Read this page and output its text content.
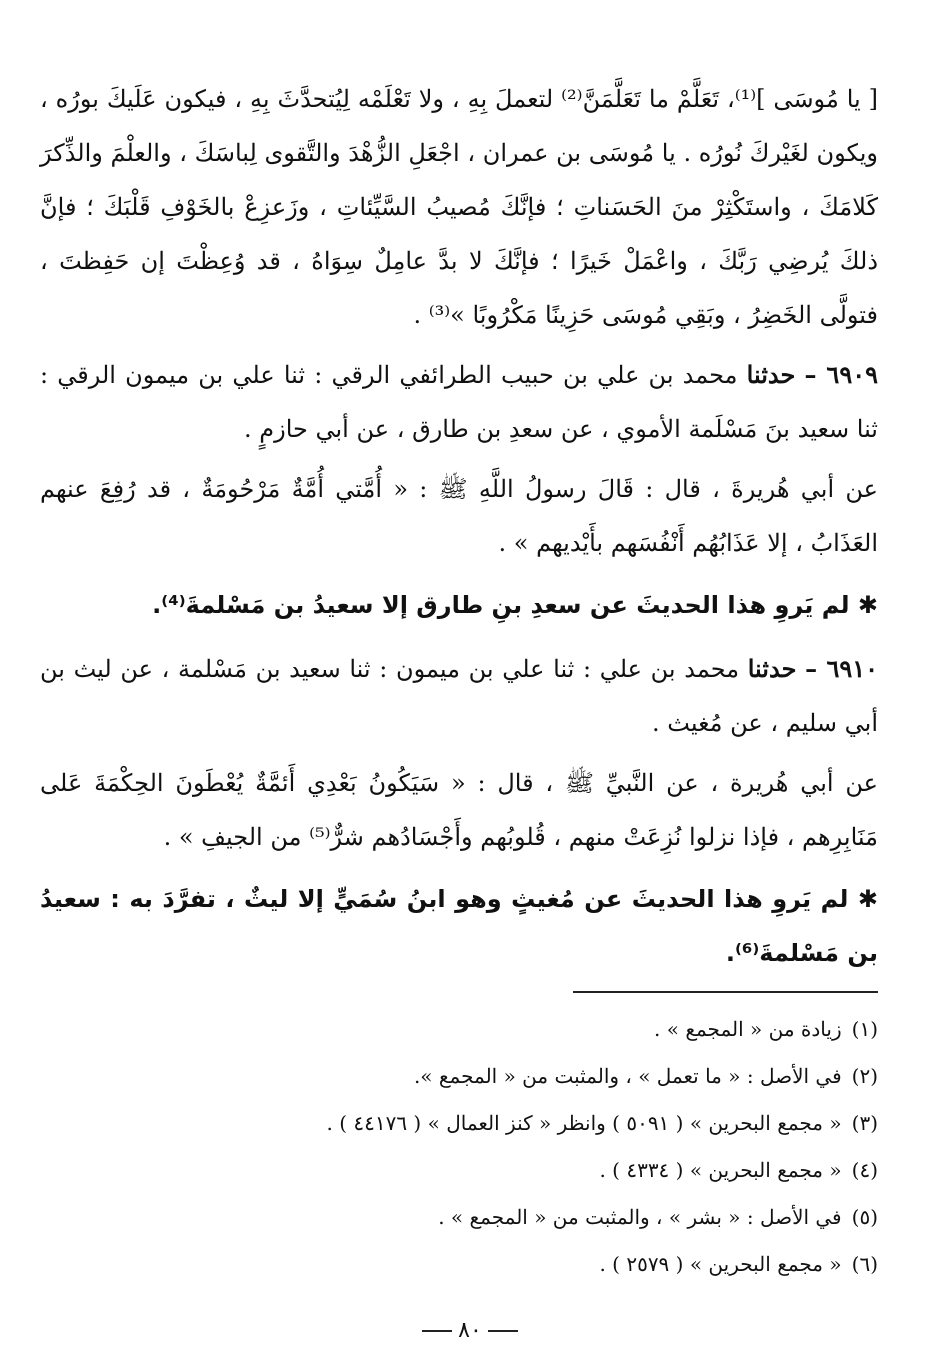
[ يا مُوسَى ]⁽¹⁾، تَعَلَّمْ ما تَعَلَّمَنَّ⁽²⁾ لتعملَ بِهِ ، ولا تَعْلَمْه لِيُتحدَّثَ بِهِ ، فيكون عَلَيكَ بورُه ، ويكون لغَيْركَ نُورُه . يا مُوسَى بن عمران ، اجْعَلِ الزُّهْدَ والتَّقوى لِباسَكَ ، والعلْمَ والذِّكرَ كَلامَكَ ، واستَكْثِرْ منَ الحَسَناتِ ؛ فإنَّكَ مُصيبُ السَّيِّئاتِ ، وزَعزِعْ بالخَوْفِ قَلْبَكَ ؛ فإنَّ ذلكَ يُرضِي رَبَّكَ ، واعْمَلْ خَيرًا ؛ فإنَّكَ لا بدَّ عامِلٌ سِوَاهُ ، قد وُعِظْتَ إن حَفِظتَ ، فتولَّى الخَضِرُ ، وبَقِي مُوسَى حَزِينًا مَكْرُوبًا »⁽³⁾ .

٦٩٠٩ – حدثنا محمد بن علي بن حبيب الطرائفي الرقي : ثنا علي بن ميمون الرقي : ثنا سعيد بنَ مَسْلَمة الأموي ، عن سعدِ بن طارق ، عن أبي حازمٍ .

عن أبي هُريرةَ ، قال : قَالَ رسولُ اللَّهِ ﷺ : « أُمَّتي أُمَّةٌ مَرْحُومَةٌ ، قد رُفِعَ عنهم العَذَابُ ، إلا عَذَابُهُم أَنْفُسَهم بأَيْديهم » .

✱ لم يَروِ هذا الحديثَ عن سعدِ بنِ طارق إلا سعيدُ بن مَسْلمةَ⁽⁴⁾.

٦٩١٠ – حدثنا محمد بن علي : ثنا علي بن ميمون : ثنا سعيد بن مَسْلمة ، عن ليث بن أبي سليم ، عن مُغيث .

عن أبي هُريرة ، عن النَّبيِّ ﷺ ، قال : « سَيَكُونُ بَعْدِي أَئمَّةٌ يُعْطَونَ الحِكْمَةَ عَلى مَنَابِرِهم ، فإذا نزلوا نُزِعَتْ منهم ، قُلوبُهم وأَجْسَادُهم شرٌّ⁽⁵⁾ من الجيفِ » .

✱ لم يَروِ هذا الحديثَ عن مُغيثٍ وهو ابنُ سُمَيٍّ إلا ليثٌ ، تفرَّدَ به : سعيدُ بن مَسْلمةَ⁽⁶⁾.

(١)زيادة من « المجمع » .

(٢)في الأصل : « ما تعمل » ، والمثبت من « المجمع ».

(٣)« مجمع البحرين » ( ٥٠٩١ ) وانظر « كنز العمال » ( ٤٤١٧٦ ) .

(٤)« مجمع البحرين » ( ٤٣٣٤ ) .

(٥)في الأصل : « بشر » ، والمثبت من « المجمع » .

(٦)« مجمع البحرين » ( ٢٥٧٩ ) .

٨٠
